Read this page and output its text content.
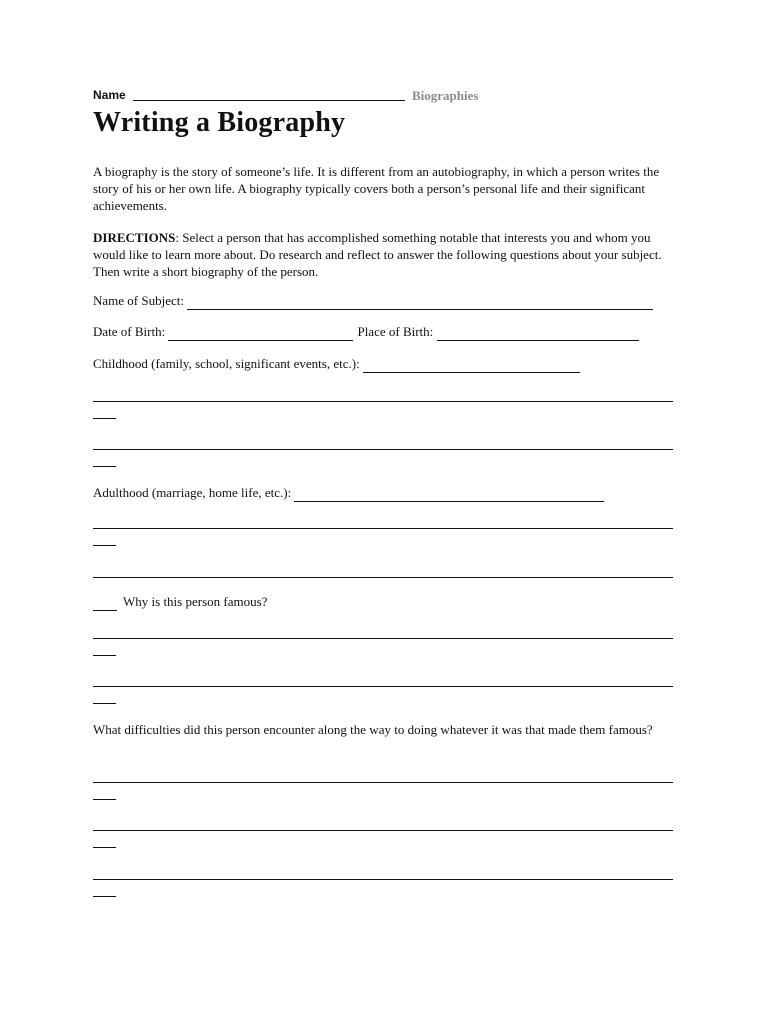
Name	Biographies
Writing a Biography

A biography is the story of someone’s life. It is different from an autobiography, in which a person writes the story of his or her own life. A biography typically covers both a person’s personal life and their significant achievements.

DIRECTIONS: Select a person that has accomplished something notable that interests you and whom you would like to learn more about. Do research and reflect to answer the following questions about your subject. Then write a short biography of the person.

Name of Subject:
Date of Birth:	Place of Birth:
Childhood (family, school, significant events, etc.):
Adulthood (marriage, home life, etc.):
Why is this person famous?

What difficulties did this person encounter along the way to doing whatever it was that made them famous?
